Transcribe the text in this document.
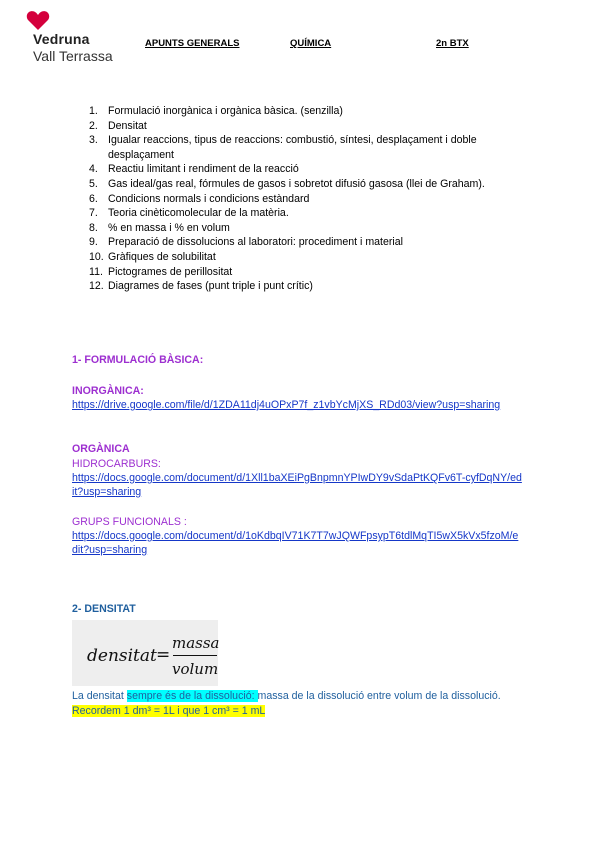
Vedruna
Vall Terrassa
APUNTS GENERALS	QUÍMICA	2n BTX
1. Formulació inorgànica i orgànica bàsica. (senzilla)
2. Densitat
3. Igualar reaccions, tipus de reaccions: combustió, síntesi, desplaçament i doble desplaçament
4. Reactiu limitant i rendiment de la reacció
5. Gas ideal/gas real, fórmules de gasos i sobretot difusió gasosa (llei de Graham).
6. Condicions normals i condicions estàndard
7. Teoria cinèticomolecular de la matèria.
8. % en massa i % en volum
9. Preparació de dissolucions al laboratori: procediment i material
10. Gràfiques de solubilitat
11. Pictogrames de perillositat
12. Diagrames de fases (punt triple i punt crític)
1- FORMULACIÓ BÀSICA:
INORGÀNICA:
https://drive.google.com/file/d/1ZDA11dj4uOPxP7f_z1vbYcMjXS_RDd03/view?usp=sharing
ORGÀNICA
HIDROCARBURS:
https://docs.google.com/document/d/1Xll1baXEiPgBnpmnYPIwDY9vSdaPtKQFv6T-cyfDqNY/edit?usp=sharing
GRUPS FUNCIONALS :
https://docs.google.com/document/d/1oKdbqIV71K7T7wJQWFpsypT6tdlMqTI5wX5kVx5fzoM/edit?usp=sharing
2- DENSITAT
densitat =
massa
volum
La densitat sempre és de la dissolució: massa de la dissolució entre volum de la dissolució.
Recordem 1 dm³ = 1L i que 1 cm³ = 1 mL
